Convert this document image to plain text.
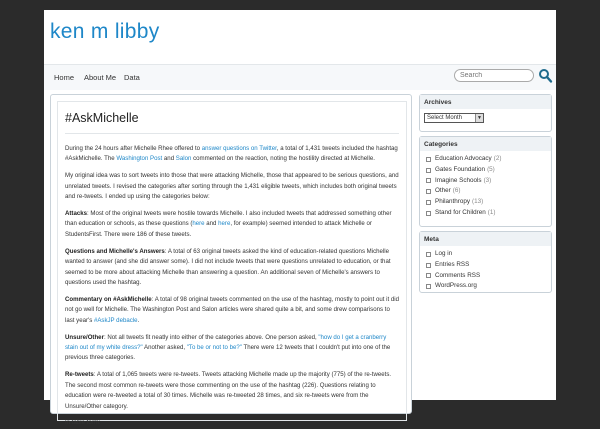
ken m libby
Home About Me Data
Search
#AskMichelle

During the 24 hours after Michelle Rhee offered to answer questions on Twitter, a total of 1,431 tweets included the hashtag #AskMichelle. The Washington Post and Salon commented on the reaction, noting the hostility directed at Michelle.

My original idea was to sort tweets into those that were attacking Michelle, those that appeared to be serious questions, and unrelated tweets. I revised the categories after sorting through the 1,431 eligible tweets, which includes both original tweets and re-tweets. I ended up using the categories below:

Attacks: Most of the original tweets were hostile towards Michelle. I also included tweets that addressed something other than education or schools, as these questions (here and here, for example) seemed intended to attack Michelle or StudentsFirst. There were 186 of these tweets.

Questions and Michelle's Answers: A total of 63 original tweets asked the kind of education-related questions Michelle wanted to answer (and she did answer some). I did not include tweets that were questions unrelated to education, or that seemed to be more about attacking Michelle than answering a question. An additional seven of Michelle's answers to questions used the hashtag.

Commentary on #AskMichelle: A total of 98 original tweets commented on the use of the hashtag, mostly to point out it did not go well for Michelle. The Washington Post and Salon articles were shared quite a bit, and some drew comparisons to last year's #AskJP debacle.

Unsure/Other: Not all tweets fit neatly into either of the categories above. One person asked, "how do I get a cranberry stain out of my white dress?" Another asked, "To be or not to be?" There were 12 tweets that I couldn't put into one of the previous three categories.

Re-tweets: A total of 1,065 tweets were re-tweets. Tweets attacking Michelle made up the majority (775) of the re-tweets. The second most common re-tweets were those commenting on the use of the hashtag (226). Questions relating to education were re-tweeted a total of 30 times. Michelle was re-tweeted 28 times, and six re-tweets were from the Unsure/Other category.

In table form:

Archives
Select Month	▼
Categories
Education Advocacy (2)
Gates Foundation (5)
Imagine Schools (3)
Other (6)
Philanthropy (13)
Stand for Children (1)
Meta
Log in
Entries RSS
Comments RSS
WordPress.org
